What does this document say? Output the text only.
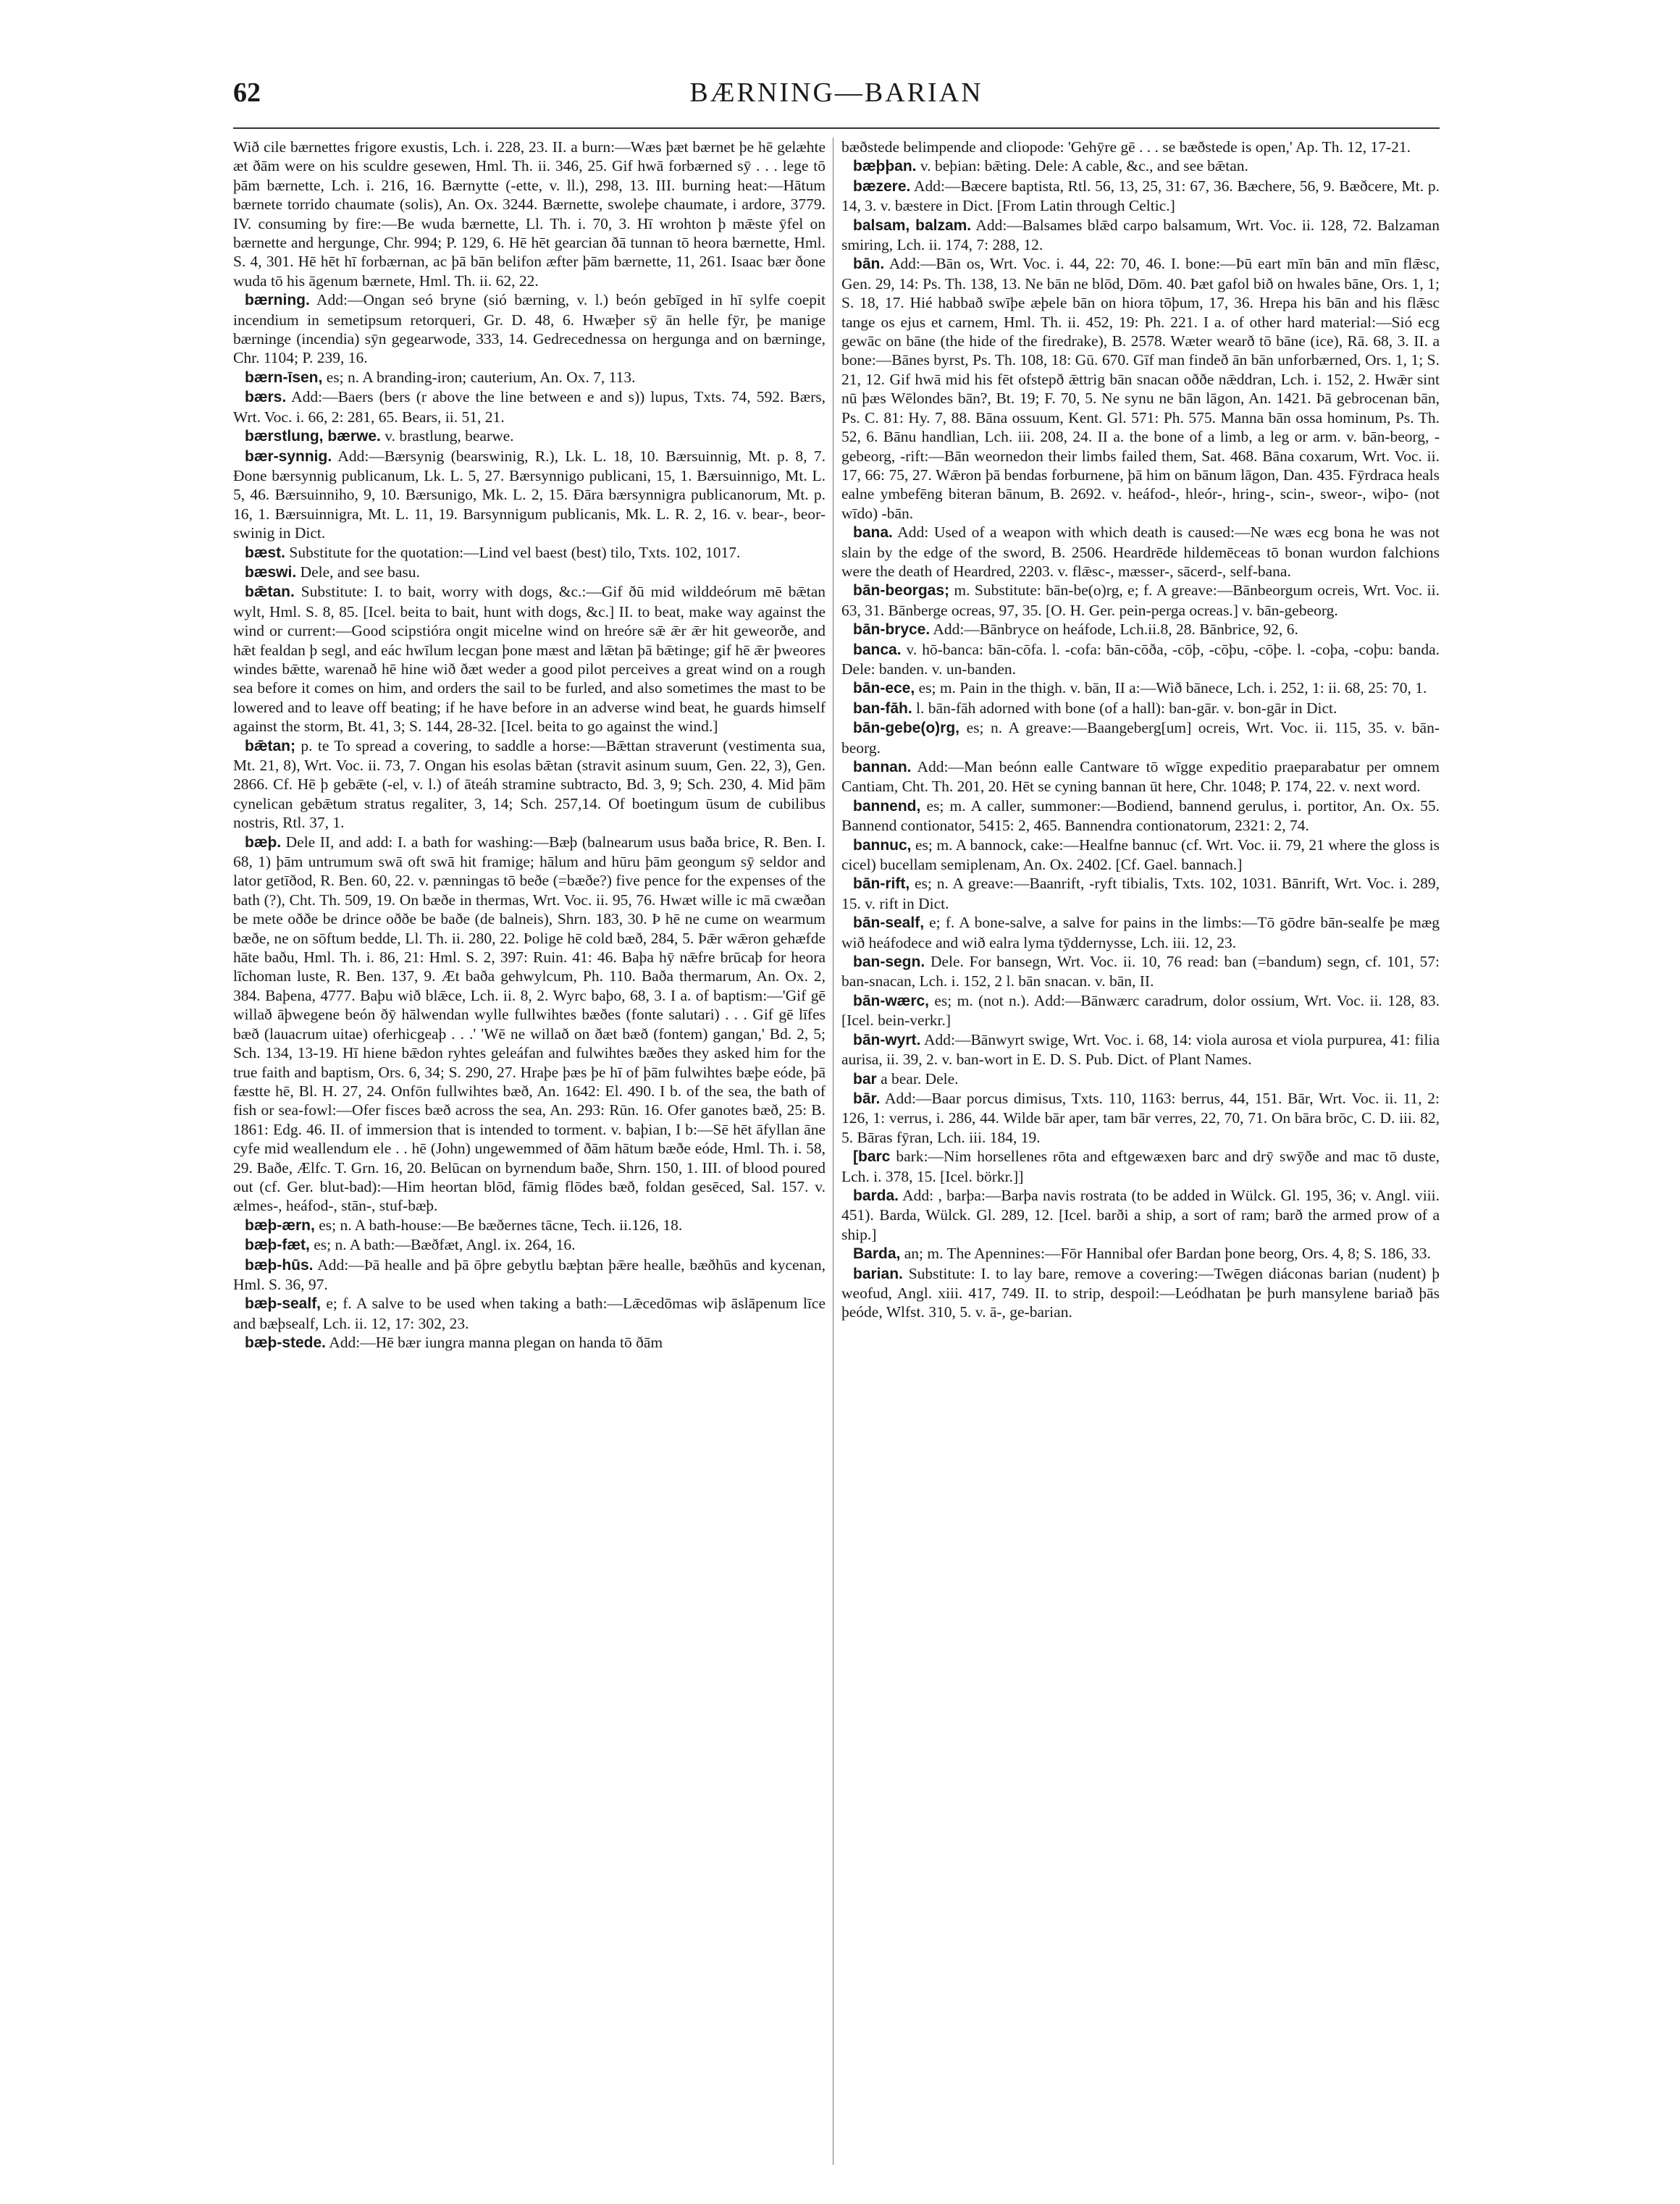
62	BÆRNING—BARIAN

Wið cile bærnettes frigore exustis, Lch. i. 228, 23. II. a burn:—Wæs þæt bærnet þe hē gelæhte æt ðām were on his sculdre gesewen, Hml. Th. ii. 346, 25. Gif hwā forbærned sȳ . . . lege tō þām bærnette, Lch. i. 216, 16. Bærnytte (-ette, v. ll.), 298, 13. III. burning heat:—Hātum bærnete torrido chaumate (solis), An. Ox. 3244. Bærnette, swoleþe chaumate, i ardore, 3779. IV. consuming by fire:—Be wuda bærnette, Ll. Th. i. 70, 3. Hī wrohton þ mǣste ȳfel on bærnette and hergunge, Chr. 994; P. 129, 6. Hē hēt gearcian ðā tunnan tō heora bærnette, Hml. S. 4, 301. Hē hēt hī forbærnan, ac þā bān belifon æfter þām bærnette, 11, 261. Isaac bær ðone wuda tō his āgenum bærnete, Hml. Th. ii. 62, 22.

bærning. Add:—Ongan seó bryne (sió bærning, v. l.) beón gebīged in hī sylfe coepit incendium in semetipsum retorqueri, Gr. D. 48, 6. Hwæþer sȳ ān helle fȳr, þe manige bærninge (incendia) sȳn gegearwode, 333, 14. Gedrecednessa on hergunga and on bærninge, Chr. 1104; P. 239, 16.

bærn-īsen, es; n. A branding-iron; cauterium, An. Ox. 7, 113.

bærs. Add:—Baers (bers (r above the line between e and s)) lupus, Txts. 74, 592. Bærs, Wrt. Voc. i. 66, 2: 281, 65. Bears, ii. 51, 21.

bærstlung, bærwe. v. brastlung, bearwe.

bær-synnig. Add:—Bærsynig (bearswinig, R.), Lk. L. 18, 10. Bærsuinnig, Mt. p. 8, 7. Ðone bærsynnig publicanum, Lk. L. 5, 27. Bærsynnigo publicani, 15, 1. Bærsuinnigo, Mt. L. 5, 46. Bærsuinniho, 9, 10. Bærsunigo, Mk. L. 2, 15. Ðāra bærsynnigra publicanorum, Mt. p. 16, 1. Bærsuinnigra, Mt. L. 11, 19. Barsynnigum publicanis, Mk. L. R. 2, 16. v. bear-, beor-swinig in Dict.

bæst. Substitute for the quotation:—Lind vel baest (best) tilo, Txts. 102, 1017.

bæswi. Dele, and see basu.

bǣtan. Substitute: I. to bait, worry with dogs, &c.:—Gif ðū mid wilddeórum mē bǣtan wylt, Hml. S. 8, 85. [Icel. beita to bait, hunt with dogs, &c.] II. to beat, make way against the wind or current:—Good scipstióra ongit micelne wind on hreóre sǣ ǣr ǣr hit geweorðe, and hǣt fealdan þ segl, and eác hwīlum lecgan þone mæst and lǣtan þā bǣtinge; gif hē ǣr þweores windes bǣtte, warenað hē hine wið ðæt weder a good pilot perceives a great wind on a rough sea before it comes on him, and orders the sail to be furled, and also sometimes the mast to be lowered and to leave off beating; if he have before in an adverse wind beat, he guards himself against the storm, Bt. 41, 3; S. 144, 28-32. [Icel. beita to go against the wind.]

bǣtan; p. te To spread a covering, to saddle a horse:—Bǣttan straverunt (vestimenta sua, Mt. 21, 8), Wrt. Voc. ii. 73, 7. Ongan his esolas bǣtan (stravit asinum suum, Gen. 22, 3), Gen. 2866. Cf. Hē þ gebǣte (-el, v. l.) of āteáh stramine subtracto, Bd. 3, 9; Sch. 230, 4. Mid þām cynelican gebǣtum stratus regaliter, 3, 14; Sch. 257,14. Of boetingum ūsum de cubilibus nostris, Rtl. 37, 1.

bæþ. Dele II, and add: I. a bath for washing:—Bæþ (balnearum usus baða brice, R. Ben. I. 68, 1) þām untrumum swā oft swā hit framige; hālum and hūru þām geongum sȳ seldor and lator getīðod, R. Ben. 60, 22. v. pænningas tō beðe (=bæðe?) five pence for the expenses of the bath (?), Cht. Th. 509, 19. On bæðe in thermas, Wrt. Voc. ii. 95, 76. Hwæt wille ic mā cwæðan be mete oððe be drince oððe be baðe (de balneis), Shrn. 183, 30. Þ hē ne cume on wearmum bæðe, ne on sōftum bedde, Ll. Th. ii. 280, 22. Þolige hē cold bæð, 284, 5. Þǣr wǣron gehæfde hāte baðu, Hml. Th. i. 86, 21: Hml. S. 2, 397: Ruin. 41: 46. Baþa hȳ nǣfre brūcaþ for heora līchoman luste, R. Ben. 137, 9. Æt baða gehwylcum, Ph. 110. Baða thermarum, An. Ox. 2, 384. Baþena, 4777. Baþu wið blǣce, Lch. ii. 8, 2. Wyrc baþo, 68, 3. I a. of baptism:—'Gif gē willað āþwegene beón ðȳ hālwendan wylle fullwihtes bæðes (fonte salutari) . . . Gif gē līfes bæð (lauacrum uitae) oferhicgeaþ . . .' 'Wē ne willað on ðæt bæð (fontem) gangan,' Bd. 2, 5; Sch. 134, 13-19. Hī hiene bǣdon ryhtes geleáfan and fulwihtes bæðes they asked him for the true faith and baptism, Ors. 6, 34; S. 290, 27. Hraþe þæs þe hī of þām fulwihtes bæþe eóde, þā fæstte hē, Bl. H. 27, 24. Onfōn fullwihtes bæð, An. 1642: El. 490. I b. of the sea, the bath of fish or sea-fowl:—Ofer fisces bæð across the sea, An. 293: Rūn. 16. Ofer ganotes bæð, 25: B. 1861: Edg. 46. II. of immersion that is intended to torment. v. baþian, I b:—Sē hēt āfyllan āne cyfe mid weallendum ele . . hē (John) ungewemmed of ðām hātum bæðe eóde, Hml. Th. i. 58, 29. Baðe, Ælfc. T. Grn. 16, 20. Belūcan on byrnendum baðe, Shrn. 150, 1. III. of blood poured out (cf. Ger. blut-bad):—Him heortan blōd, fāmig flōdes bæð, foldan gesēced, Sal. 157. v. ælmes-, heáfod-, stān-, stuf-bæþ.

bæþ-ærn, es; n. A bath-house:—Be bæðernes tācne, Tech. ii.126, 18.

bæþ-fæt, es; n. A bath:—Bæðfæt, Angl. ix. 264, 16.

bæþ-hūs. Add:—Þā healle and þā ōþre gebytlu bæþtan þǣre healle, bæðhūs and kycenan, Hml. S. 36, 97.

bæþ-sealf, e; f. A salve to be used when taking a bath:—Lǣcedōmas wiþ āslāpenum līce and bæþsealf, Lch. ii. 12, 17: 302, 23.

bæþ-stede. Add:—Hē bær iungra manna plegan on handa tō ðām

bæðstede belimpende and cliopode: 'Gehȳre gē . . . se bæðstede is open,' Ap. Th. 12, 17-21.

bæþþan. v. beþian: bǣting. Dele: A cable, &c., and see bǣtan.

bæzere. Add:—Bæcere baptista, Rtl. 56, 13, 25, 31: 67, 36. Bæchere, 56, 9. Bæðcere, Mt. p. 14, 3. v. bæstere in Dict. [From Latin through Celtic.]

balsam, balzam. Add:—Balsames blǣd carpo balsamum, Wrt. Voc. ii. 128, 72. Balzaman smiring, Lch. ii. 174, 7: 288, 12.

bān. Add:—Bān os, Wrt. Voc. i. 44, 22: 70, 46. I. bone:—Þū eart mīn bān and mīn flǣsc, Gen. 29, 14: Ps. Th. 138, 13. Ne bān ne blōd, Dōm. 40. Þæt gafol bið on hwales bāne, Ors. 1, 1; S. 18, 17. Hié habbað swīþe æþele bān on hiora tōþum, 17, 36. Hrepa his bān and his flǣsc tange os ejus et carnem, Hml. Th. ii. 452, 19: Ph. 221. I a. of other hard material:—Sió ecg gewāc on bāne (the hide of the firedrake), B. 2578. Wæter wearð tō bāne (ice), Rā. 68, 3. II. a bone:—Bānes byrst, Ps. Th. 108, 18: Gū. 670. Gīf man findeð ān bān unforbærned, Ors. 1, 1; S. 21, 12. Gif hwā mid his fēt ofstepð ǣttrig bān snacan oððe nǣddran, Lch. i. 152, 2. Hwǣr sint nū þæs Wēlondes bān?, Bt. 19; F. 70, 5. Ne synu ne bān lāgon, An. 1421. Þā gebrocenan bān, Ps. C. 81: Hy. 7, 88. Bāna ossuum, Kent. Gl. 571: Ph. 575. Manna bān ossa hominum, Ps. Th. 52, 6. Bānu handlian, Lch. iii. 208, 24. II a. the bone of a limb, a leg or arm. v. bān-beorg, -gebeorg, -rift:—Bān weornedon their limbs failed them, Sat. 468. Bāna coxarum, Wrt. Voc. ii. 17, 66: 75, 27. Wǣron þā bendas forburnene, þā him on bānum lāgon, Dan. 435. Fȳrdraca heals ealne ymbefēng biteran bānum, B. 2692. v. heáfod-, hleór-, hring-, scin-, sweor-, wiþo- (not wīdo) -bān.

bana. Add: Used of a weapon with which death is caused:—Ne wæs ecg bona he was not slain by the edge of the sword, B. 2506. Heardrēde hildemēceas tō bonan wurdon falchions were the death of Heardred, 2203. v. flǣsc-, mæsser-, sācerd-, self-bana.

bān-beorgas; m. Substitute: bān-be(o)rg, e; f. A greave:—Bānbeorgum ocreis, Wrt. Voc. ii. 63, 31. Bānberge ocreas, 97, 35. [O. H. Ger. pein-perga ocreas.] v. bān-gebeorg.

bān-bryce. Add:—Bānbryce on heáfode, Lch.ii.8, 28. Bānbrice, 92, 6.

banca. v. hō-banca: bān-cōfa. l. -cofa: bān-cōða, -cōþ, -cōþu, -cōþe. l. -coþa, -coþu: banda. Dele: banden. v. un-banden.

bān-ece, es; m. Pain in the thigh. v. bān, II a:—Wið bānece, Lch. i. 252, 1: ii. 68, 25: 70, 1.

ban-fāh. l. bān-fāh adorned with bone (of a hall): ban-gār. v. bon-gār in Dict.

bān-gebe(o)rg, es; n. A greave:—Baangeberg[um] ocreis, Wrt. Voc. ii. 115, 35. v. bān-beorg.

bannan. Add:—Man beónn ealle Cantware tō wīgge expeditio praeparabatur per omnem Cantiam, Cht. Th. 201, 20. Hēt se cyning bannan ūt here, Chr. 1048; P. 174, 22. v. next word.

bannend, es; m. A caller, summoner:—Bodiend, bannend gerulus, i. portitor, An. Ox. 55. Bannend contionator, 5415: 2, 465. Bannendra contionatorum, 2321: 2, 74.

bannuc, es; m. A bannock, cake:—Healfne bannuc (cf. Wrt. Voc. ii. 79, 21 where the gloss is cicel) bucellam semiplenam, An. Ox. 2402. [Cf. Gael. bannach.]

bān-rift, es; n. A greave:—Baanrift, -ryft tibialis, Txts. 102, 1031. Bānrift, Wrt. Voc. i. 289, 15. v. rift in Dict.

bān-sealf, e; f. A bone-salve, a salve for pains in the limbs:—Tō gōdre bān-sealfe þe mæg wið heáfodece and wið ealra lyma tȳddernysse, Lch. iii. 12, 23.

ban-segn. Dele. For bansegn, Wrt. Voc. ii. 10, 76 read: ban (=bandum) segn, cf. 101, 57: ban-snacan, Lch. i. 152, 2 l. bān snacan. v. bān, II.

bān-wærc, es; m. (not n.). Add:—Bānwærc caradrum, dolor ossium, Wrt. Voc. ii. 128, 83. [Icel. bein-verkr.]

bān-wyrt. Add:—Bānwyrt swige, Wrt. Voc. i. 68, 14: viola aurosa et viola purpurea, 41: filia aurisa, ii. 39, 2. v. ban-wort in E. D. S. Pub. Dict. of Plant Names.

bar a bear. Dele.

bār. Add:—Baar porcus dimisus, Txts. 110, 1163: berrus, 44, 151. Bār, Wrt. Voc. ii. 11, 2: 126, 1: verrus, i. 286, 44. Wilde bār aper, tam bār verres, 22, 70, 71. On bāra brōc, C. D. iii. 82, 5. Bāras fȳran, Lch. iii. 184, 19.

[barc bark:—Nim horsellenes rōta and eftgewæxen barc and drȳ swȳðe and mac tō duste, Lch. i. 378, 15. [Icel. börkr.]]

barda. Add: , barþa:—Barþa navis rostrata (to be added in Wülck. Gl. 195, 36; v. Angl. viii. 451). Barda, Wülck. Gl. 289, 12. [Icel. barði a ship, a sort of ram; barð the armed prow of a ship.]

Barda, an; m. The Apennines:—Fōr Hannibal ofer Bardan þone beorg, Ors. 4, 8; S. 186, 33.

barian. Substitute: I. to lay bare, remove a covering:—Twēgen diáconas barian (nudent) þ weofud, Angl. xiii. 417, 749. II. to strip, despoil:—Leódhatan þe þurh mansylene bariað þās þeóde, Wlfst. 310, 5. v. ā-, ge-barian.
